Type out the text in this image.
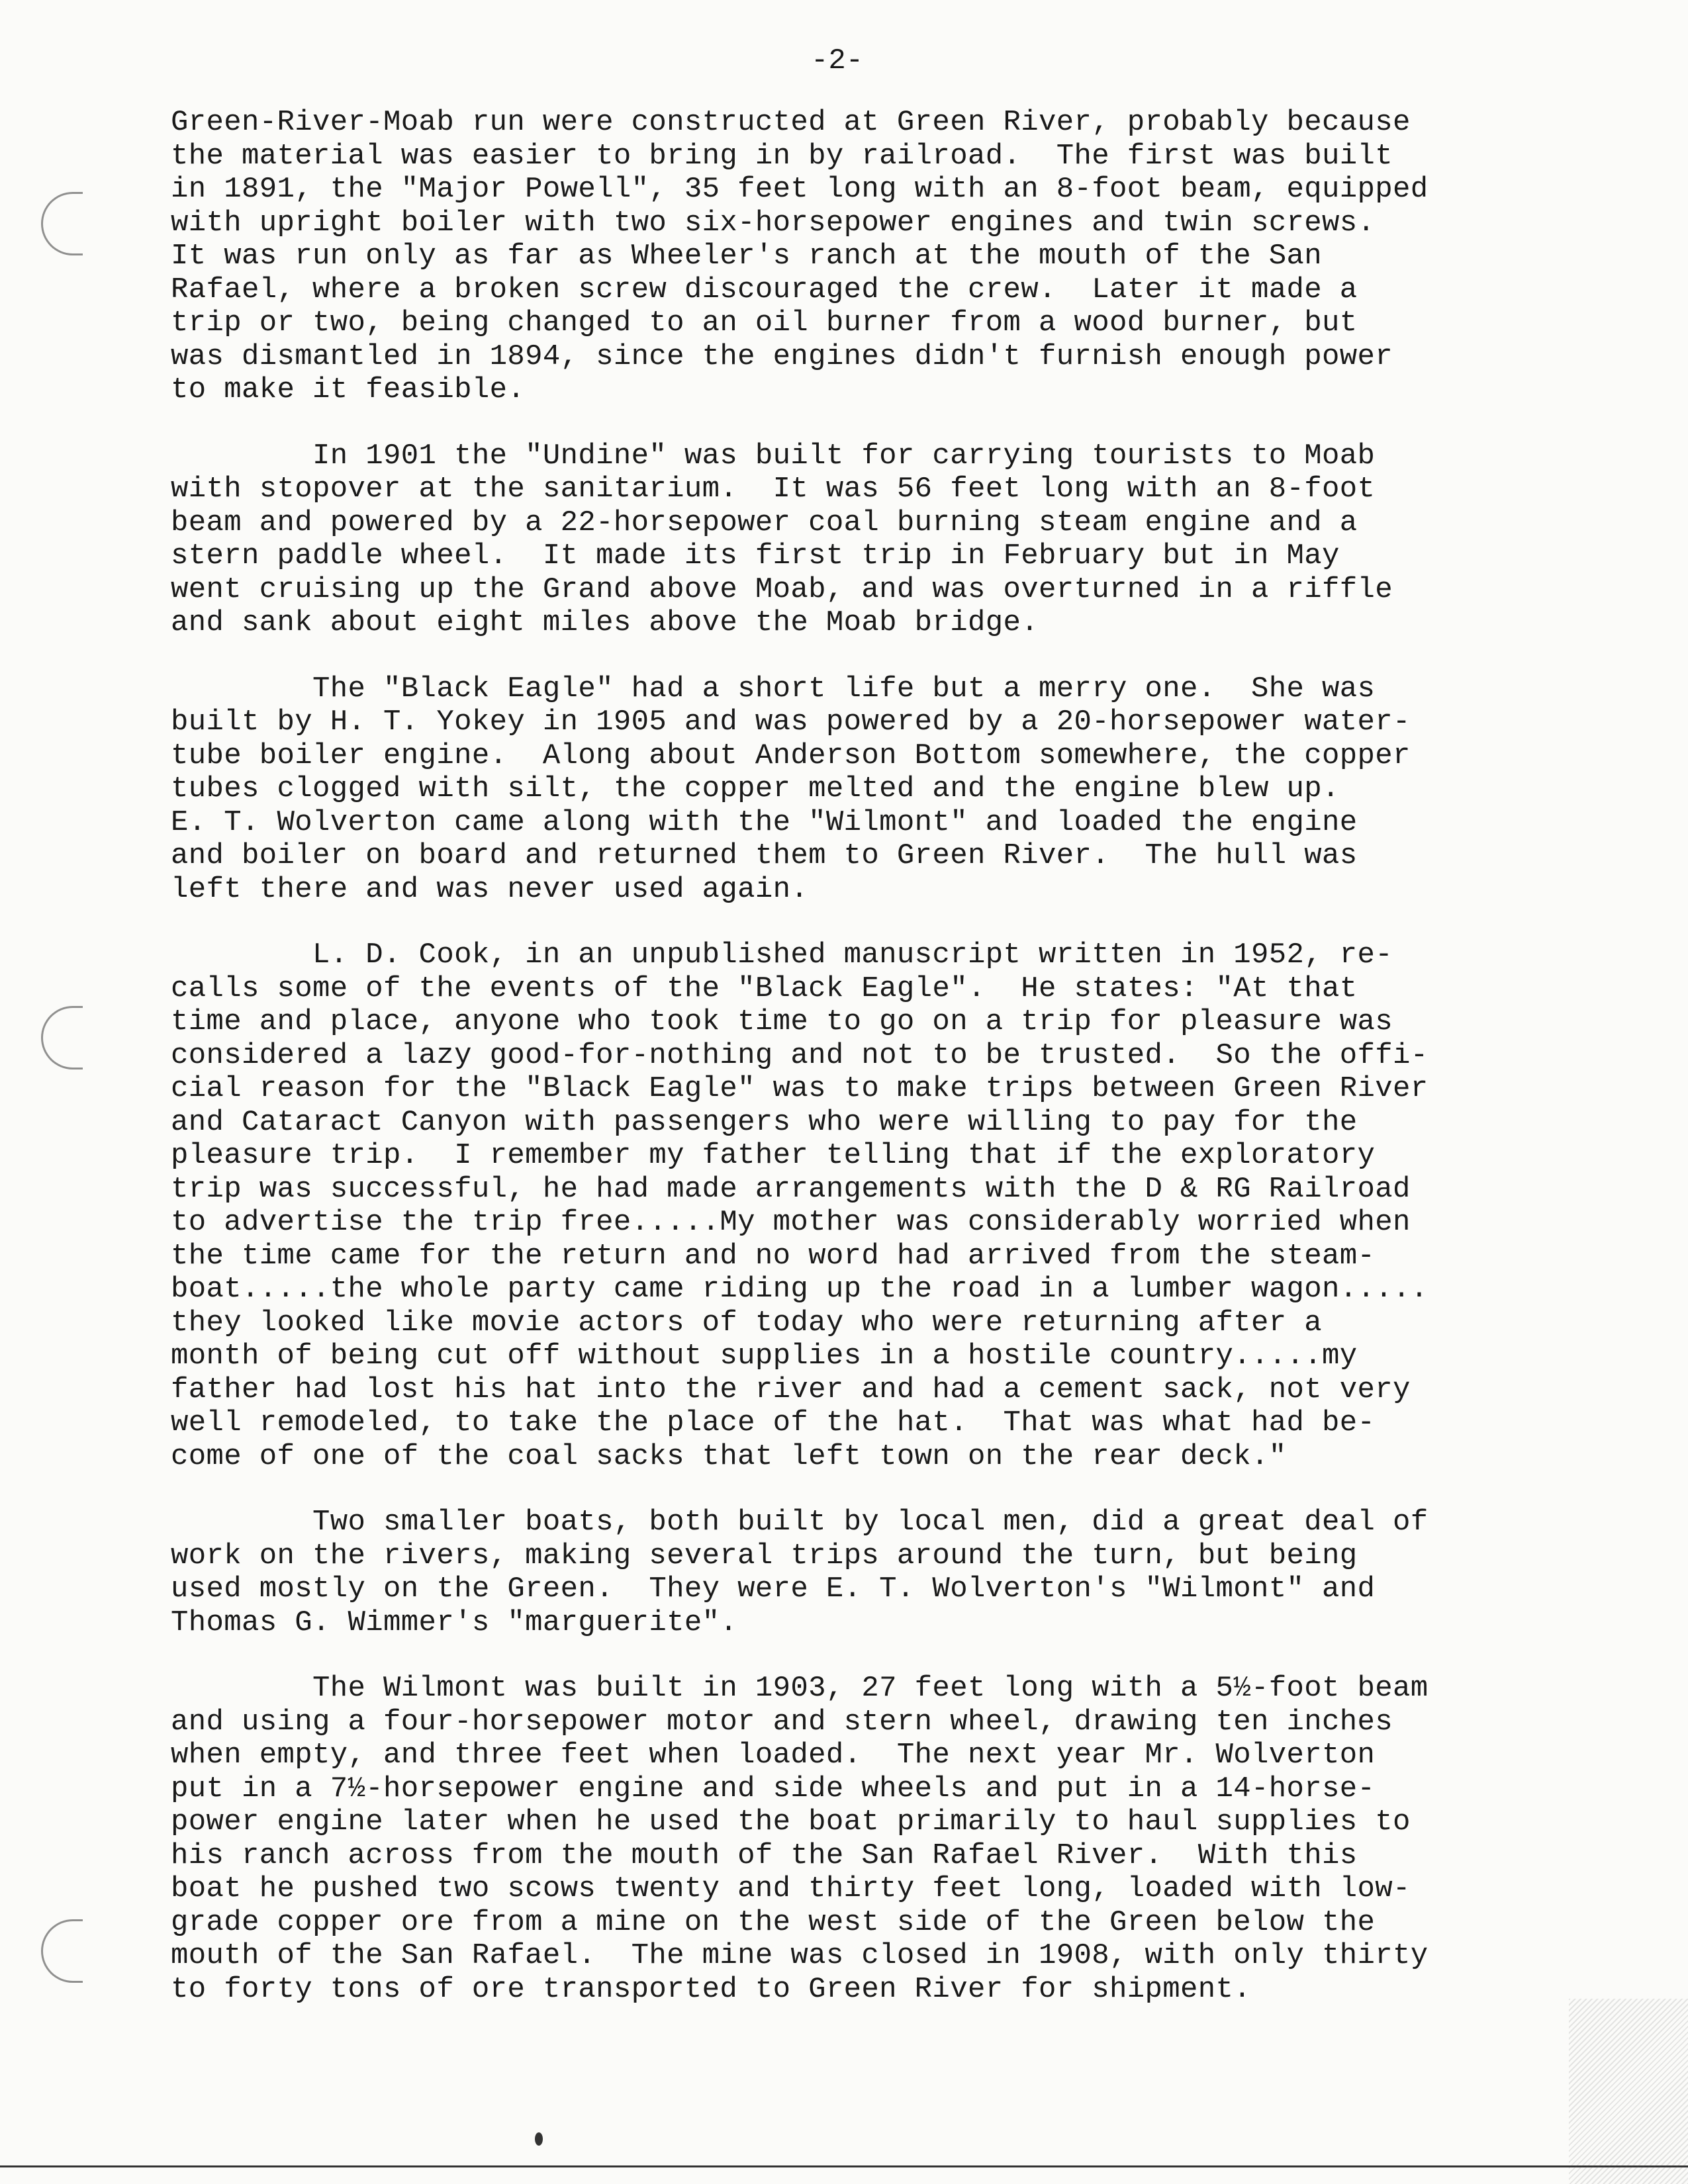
-2-

Green-River-Moab run were constructed at Green River, probably because
the material was easier to bring in by railroad.  The first was built
in 1891, the "Major Powell", 35 feet long with an 8-foot beam, equipped
with upright boiler with two six-horsepower engines and twin screws.
It was run only as far as Wheeler's ranch at the mouth of the San
Rafael, where a broken screw discouraged the crew.  Later it made a
trip or two, being changed to an oil burner from a wood burner, but
was dismantled in 1894, since the engines didn't furnish enough power
to make it feasible.
In 1901 the "Undine" was built for carrying tourists to Moab
with stopover at the sanitarium.  It was 56 feet long with an 8-foot
beam and powered by a 22-horsepower coal burning steam engine and a
stern paddle wheel.  It made its first trip in February but in May
went cruising up the Grand above Moab, and was overturned in a riffle
and sank about eight miles above the Moab bridge.
The "Black Eagle" had a short life but a merry one.  She was
built by H. T. Yokey in 1905 and was powered by a 20-horsepower water-
tube boiler engine.  Along about Anderson Bottom somewhere, the copper
tubes clogged with silt, the copper melted and the engine blew up.
E. T. Wolverton came along with the "Wilmont" and loaded the engine
and boiler on board and returned them to Green River.  The hull was
left there and was never used again.
L. D. Cook, in an unpublished manuscript written in 1952, re-
calls some of the events of the "Black Eagle".  He states: "At that
time and place, anyone who took time to go on a trip for pleasure was
considered a lazy good-for-nothing and not to be trusted.  So the offi-
cial reason for the "Black Eagle" was to make trips between Green River
and Cataract Canyon with passengers who were willing to pay for the
pleasure trip.  I remember my father telling that if the exploratory
trip was successful, he had made arrangements with the D & RG Railroad
to advertise the trip free.....My mother was considerably worried when
the time came for the return and no word had arrived from the steam-
boat.....the whole party came riding up the road in a lumber wagon.....
they looked like movie actors of today who were returning after a
month of being cut off without supplies in a hostile country.....my
father had lost his hat into the river and had a cement sack, not very
well remodeled, to take the place of the hat.  That was what had be-
come of one of the coal sacks that left town on the rear deck."
Two smaller boats, both built by local men, did a great deal of
work on the rivers, making several trips around the turn, but being
used mostly on the Green.  They were E. T. Wolverton's "Wilmont" and
Thomas G. Wimmer's "marguerite".
The Wilmont was built in 1903, 27 feet long with a 5½-foot beam
and using a four-horsepower motor and stern wheel, drawing ten inches
when empty, and three feet when loaded.  The next year Mr. Wolverton
put in a 7½-horsepower engine and side wheels and put in a 14-horse-
power engine later when he used the boat primarily to haul supplies to
his ranch across from the mouth of the San Rafael River.  With this
boat he pushed two scows twenty and thirty feet long, loaded with low-
grade copper ore from a mine on the west side of the Green below the
mouth of the San Rafael.  The mine was closed in 1908, with only thirty
to forty tons of ore transported to Green River for shipment.
